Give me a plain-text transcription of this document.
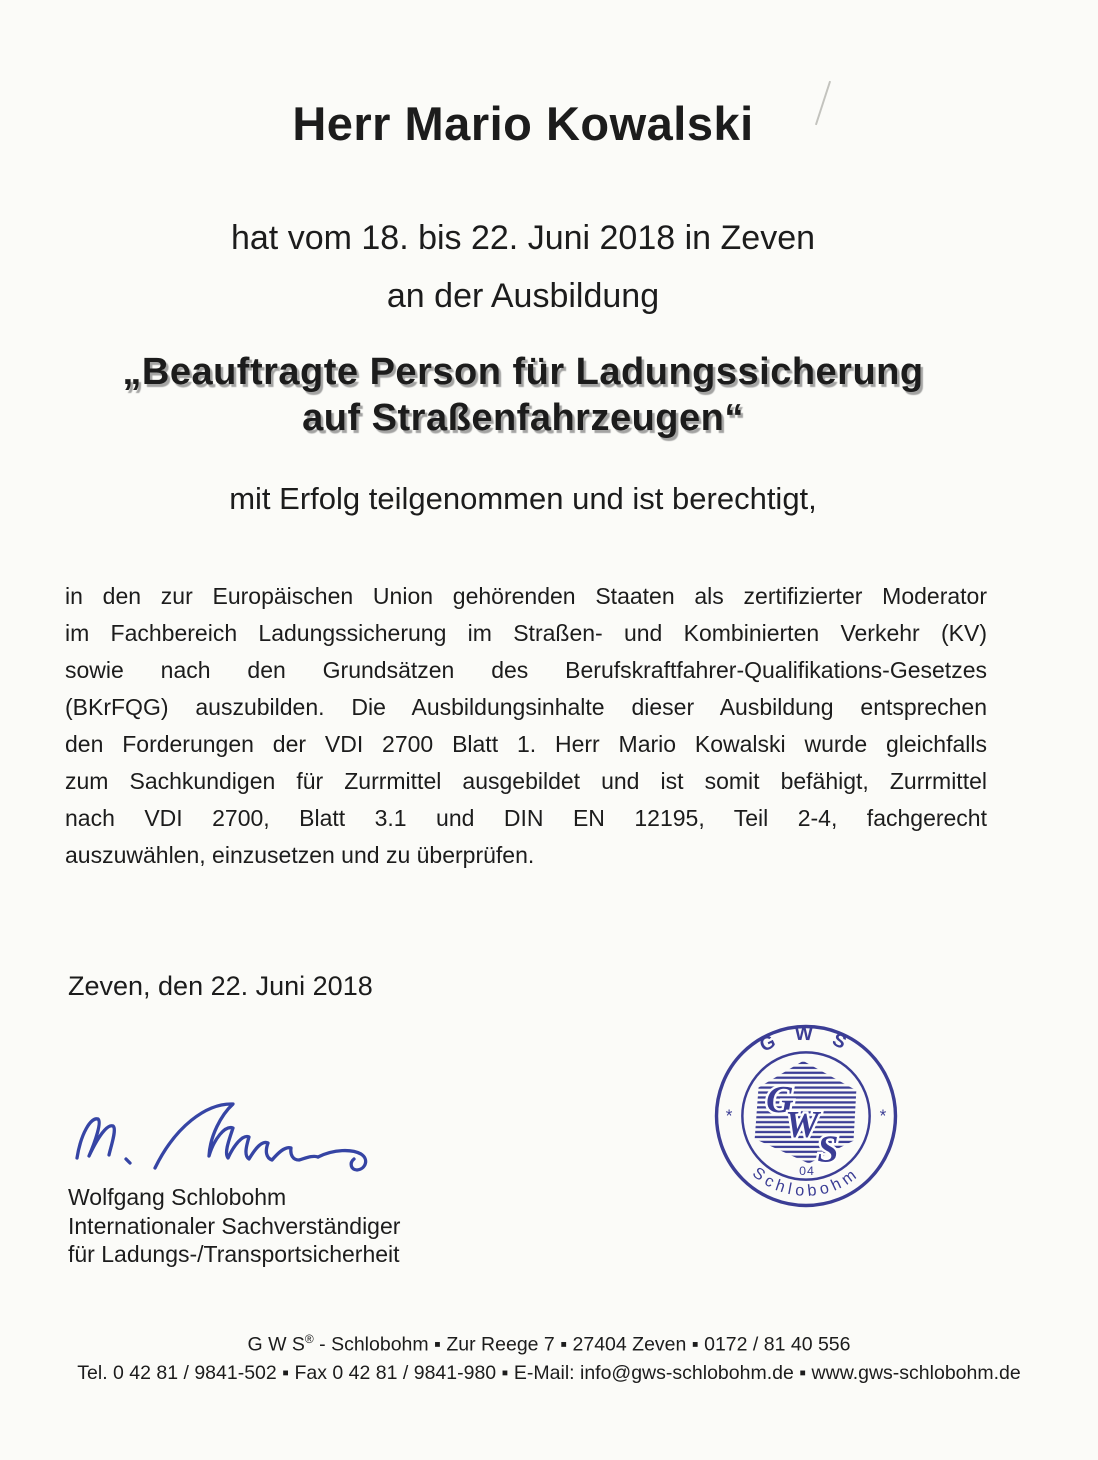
Herr Mario Kowalski
hat vom 18. bis 22. Juni 2018 in Zeven
an der Ausbildung
„Beauftragte Person für Ladungssicherung
auf Straßenfahrzeugen“
mit Erfolg teilgenommen und ist berechtigt,
in den zur Europäischen Union gehörenden Staaten als zertifizierter Moderator
im Fachbereich Ladungssicherung im Straßen- und Kombinierten Verkehr (KV)
sowie nach den Grundsätzen des Berufskraftfahrer-Qualifikations-Gesetzes
(BKrFQG) auszubilden. Die Ausbildungsinhalte dieser Ausbildung entsprechen
den Forderungen der VDI 2700 Blatt 1. Herr Mario Kowalski wurde gleichfalls
zum Sachkundigen für Zurrmittel ausgebildet und ist somit befähigt, Zurrmittel
nach VDI 2700, Blatt 3.1 und DIN EN 12195, Teil 2-4, fachgerecht
auszuwählen, einzusetzen und zu überprüfen.
Zeven, den 22. Juni 2018
Wolfgang Schlobohm
Internationaler Sachverständiger
für Ladungs-/Transportsicherheit
G W S
Schlobohm
*	*
G
W
S
04
G W S® - Schlobohm ▪ Zur Reege 7 ▪ 27404 Zeven ▪ 0172 / 81 40 556
Tel. 0 42 81 / 9841-502 ▪ Fax 0 42 81 / 9841-980 ▪ E-Mail: info@gws-schlobohm.de ▪ www.gws-schlobohm.de
